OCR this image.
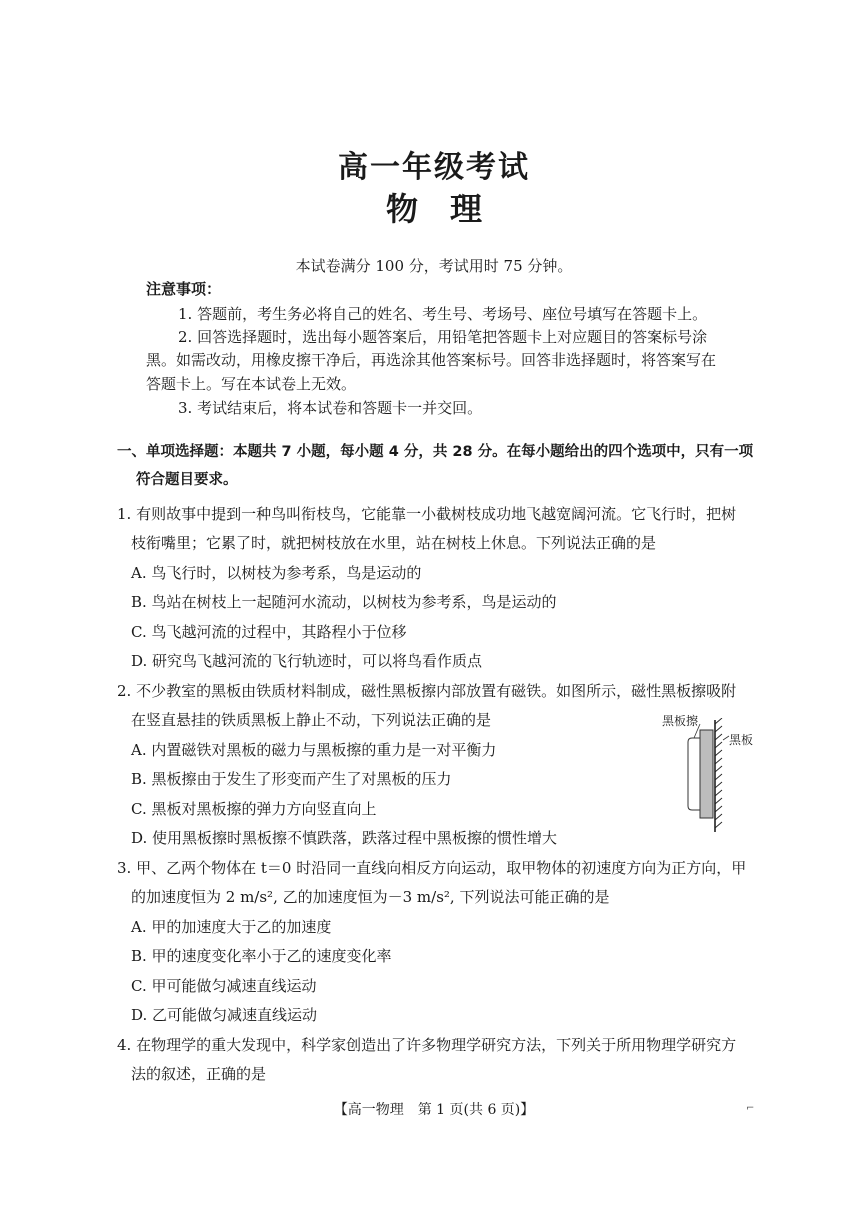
高一年级考试
物　理
本试卷满分 100 分，考试用时 75 分钟。
注意事项：
1. 答题前，考生务必将自己的姓名、考生号、考场号、座位号填写在答题卡上。
2. 回答选择题时，选出每小题答案后，用铅笔把答题卡上对应题目的答案标号涂
黑。如需改动，用橡皮擦干净后，再选涂其他答案标号。回答非选择题时，将答案写在
答题卡上。写在本试卷上无效。
3. 考试结束后，将本试卷和答题卡一并交回。
一、单项选择题：本题共 7 小题，每小题 4 分，共 28 分。在每小题给出的四个选项中，只有一项
符合题目要求。
1. 有则故事中提到一种鸟叫衔枝鸟，它能靠一小截树枝成功地飞越宽阔河流。它飞行时，把树
枝衔嘴里；它累了时，就把树枝放在水里，站在树枝上休息。下列说法正确的是
A. 鸟飞行时，以树枝为参考系，鸟是运动的
B. 鸟站在树枝上一起随河水流动，以树枝为参考系，鸟是运动的
C. 鸟飞越河流的过程中，其路程小于位移
D. 研究鸟飞越河流的飞行轨迹时，可以将鸟看作质点
2. 不少教室的黑板由铁质材料制成，磁性黑板擦内部放置有磁铁。如图所示，磁性黑板擦吸附
在竖直悬挂的铁质黑板上静止不动，下列说法正确的是
A. 内置磁铁对黑板的磁力与黑板擦的重力是一对平衡力
B. 黑板擦由于发生了形变而产生了对黑板的压力
C. 黑板对黑板擦的弹力方向竖直向上
D. 使用黑板擦时黑板擦不慎跌落，跌落过程中黑板擦的惯性增大
黑板擦
黑板
3. 甲、乙两个物体在 t＝0 时沿同一直线向相反方向运动，取甲物体的初速度方向为正方向，甲
的加速度恒为 2 m/s², 乙的加速度恒为－3 m/s², 下列说法可能正确的是
A. 甲的加速度大于乙的加速度
B. 甲的速度变化率小于乙的速度变化率
C. 甲可能做匀减速直线运动
D. 乙可能做匀减速直线运动
4. 在物理学的重大发现中，科学家创造出了许多物理学研究方法，下列关于所用物理学研究方
法的叙述，正确的是
【高一物理　第 1 页(共 6 页)】	⌐
